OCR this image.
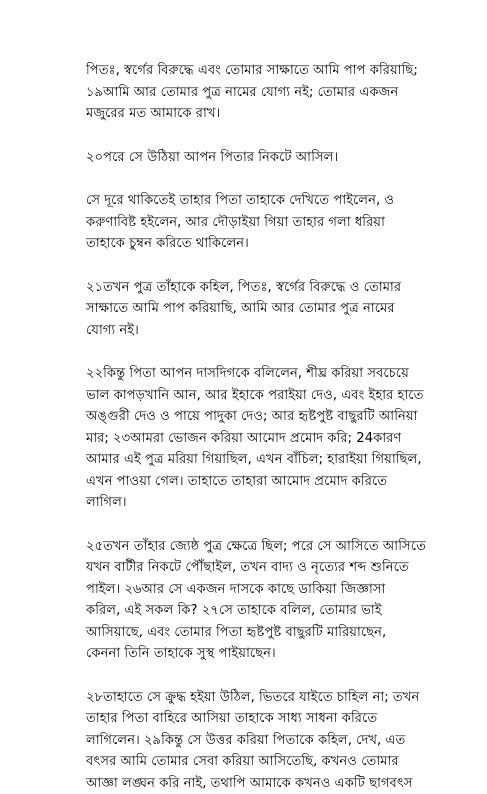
পিতঃ, স্বর্গের বিরুদ্ধে এবং তোমার সাক্ষাতে আমি পাপ করিয়াছি;
১৯আমি আর তোমার পুত্র নামের যোগ্য নই; তোমার একজন
মজুরের মত আমাকে রাখ।

২০পরে সে উঠিয়া আপন পিতার নিকটে আসিল।

সে দূরে থাকিতেই তাহার পিতা তাহাকে দেখিতে পাইলেন, ও
করুণাবিষ্ট হইলেন, আর দৌড়াইয়া গিয়া তাহার গলা ধরিয়া
তাহাকে চুম্বন করিতে থাকিলেন।

২১তখন পুত্র তাঁহাকে কহিল, পিতঃ, স্বর্গের বিরুদ্ধে ও তোমার
সাক্ষাতে আমি পাপ করিয়াছি, আমি আর তোমার পুত্র নামের
যোগ্য নই।

২২কিন্তু পিতা আপন দাসদিগকে বলিলেন, শীঘ্র করিয়া সবচেয়ে
ভাল কাপড়খানি আন, আর ইহাকে পরাইয়া দেও, এবং ইহার হাতে
অঙ্গুরী দেও ও পায়ে পাদুকা দেও; আর হৃষ্টপুষ্ট বাছুরটি আনিয়া
মার; ২৩আমরা ভোজন করিয়া আমোদ প্রমোদ করি; 24কারণ
আমার এই পুত্র মরিয়া গিয়াছিল, এখন বাঁচিল; হারাইয়া গিয়াছিল,
এখন পাওয়া গেল। তাহাতে তাহারা আমোদ প্রমোদ করিতে
লাগিল।

২৫তখন তাঁহার জ্যেষ্ঠ পুত্র ক্ষেত্রে ছিল; পরে সে আসিতে আসিতে
যখন বাটীর নিকটে পৌঁছাইল, তখন বাদ্য ও নৃত্যের শব্দ শুনিতে
পাইল। ২৬আর সে একজন দাসকে কাছে ডাকিয়া জিজ্ঞাসা
করিল, এই সকল কি? ২৭সে তাহাকে বলিল, তোমার ভাই
আসিয়াছে, এবং তোমার পিতা হৃষ্টপুষ্ট বাছুরটি মারিয়াছেন,
কেননা তিনি তাহাকে সুস্থ পাইয়াছেন।

২৮তাহাতে সে ক্রুদ্ধ হইয়া উঠিল, ভিতরে যাইতে চাহিল না; তখন
তাহার পিতা বাহিরে আসিয়া তাহাকে সাধ্য সাধনা করিতে
লাগিলেন। ২৯কিন্তু সে উত্তর করিয়া পিতাকে কহিল, দেখ, এত
বৎসর আমি তোমার সেবা করিয়া আসিতেছি, কখনও তোমার
আজ্ঞা লঙ্ঘন করি নাই, তথাপি আমাকে কখনও একটি ছাগবৎস
